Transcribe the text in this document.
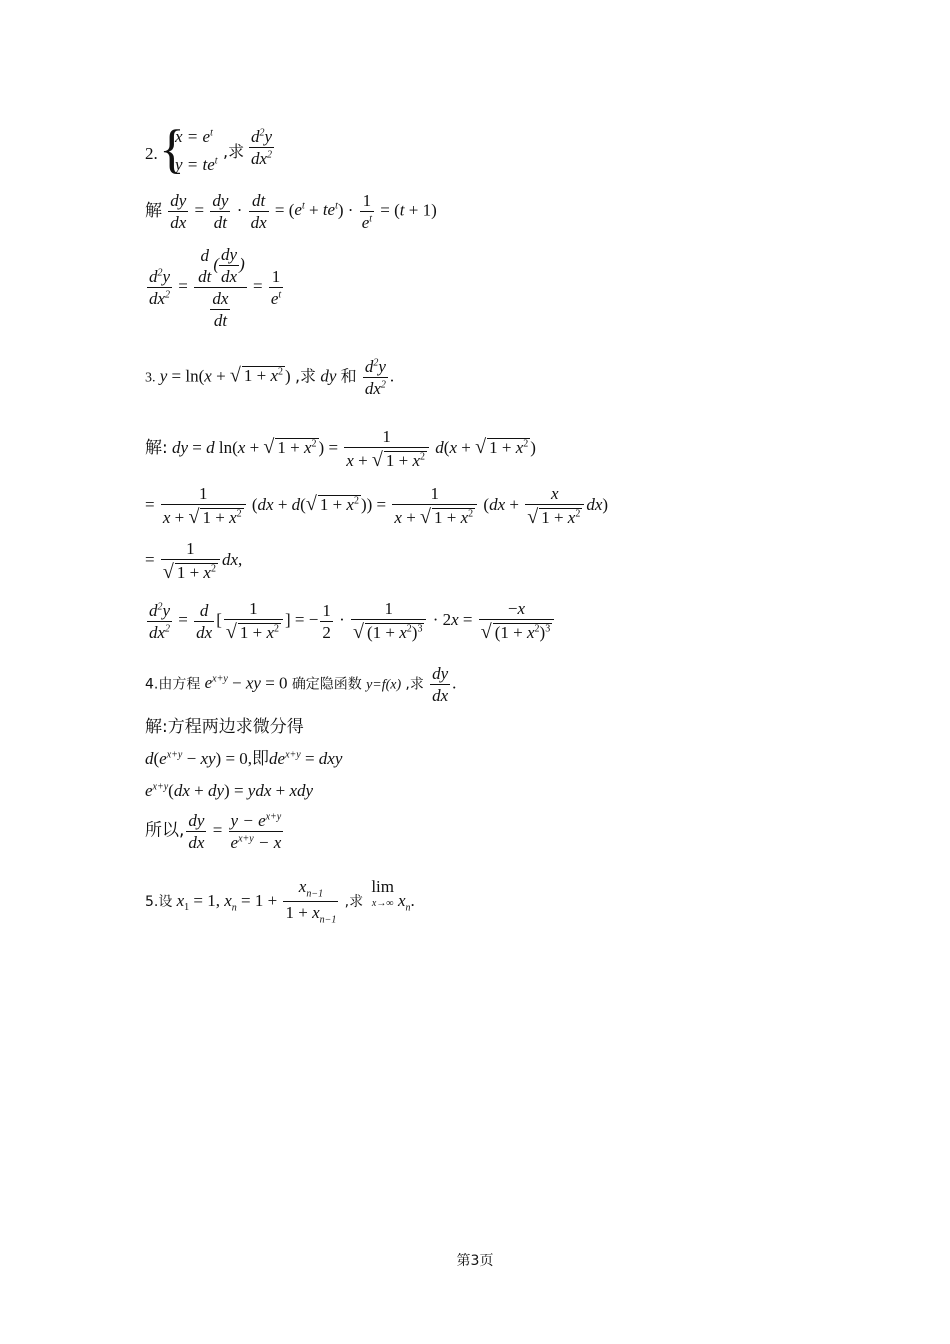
2. {
$x = e^t$
$y = te^t$ ,求 $\frac{d^2y}{dx^2}$
解 $\frac{dy}{dx} = \frac{dy}{dt} \cdot \frac{dt}{dx} = (e^t + te^t) \cdot \frac{1}{e^t} = (t + 1)$
$\frac{d^2y}{dx^2} = d$
dt
( $\frac{dy}{dx}$ )
$\frac{dx}{dt} = \frac{1}{e^t}$
3. y = ln(x + √ $1 + x^2$ ) ,求 dy 和 $\frac{d^2y}{dx^2}$ .
解: dy = d ln(x + √ $1 + x^2$ ) = $\frac{1}{x + √ 1 + x^2} d(x$ + √ $1 + x^2$ )
= $\frac{1}{x + √ 1 + x^2} (dx + d(√$ $1 + x^2$ )) = $\frac{1}{x + √ 1 + x^2} (dx + \frac{x}{√ 1 + x^2} dx)$
= $\frac{1}{√ 1 + x^2}$ dx,
$\frac{d^2y}{dx^2} = \frac{d}{dx}$ [ $\frac{1}{√ 1 + x^2}$ ] = − $\frac{1}{2} \cdot \frac{1}{√ (1 + x^2)^3} \cdot 2x = \frac{-x}{√ (1 + x^2)^3}$
4.由方程 $e^{x+y}$ − xy = 0 确定隐函数 y=f(x) ,求 $\frac{dy}{dx}$ .
解:方程两边求微分得
$d(e^{x+y} - xy) = 0$,即$de^{x+y}$ = dxy
$e^{x+y}(dx + dy)$ = ydx + xdy
所以, $\frac{dy}{dx} = \frac{y - e^{x+y}}{e^{x+y} - x}$
5.设 $x_1 = 1$, $x_n = 1 + \frac{x_{n-1}}{1 + x_{n-1}}$ ,求
lim
x→∞ $x_n$.
第3页
